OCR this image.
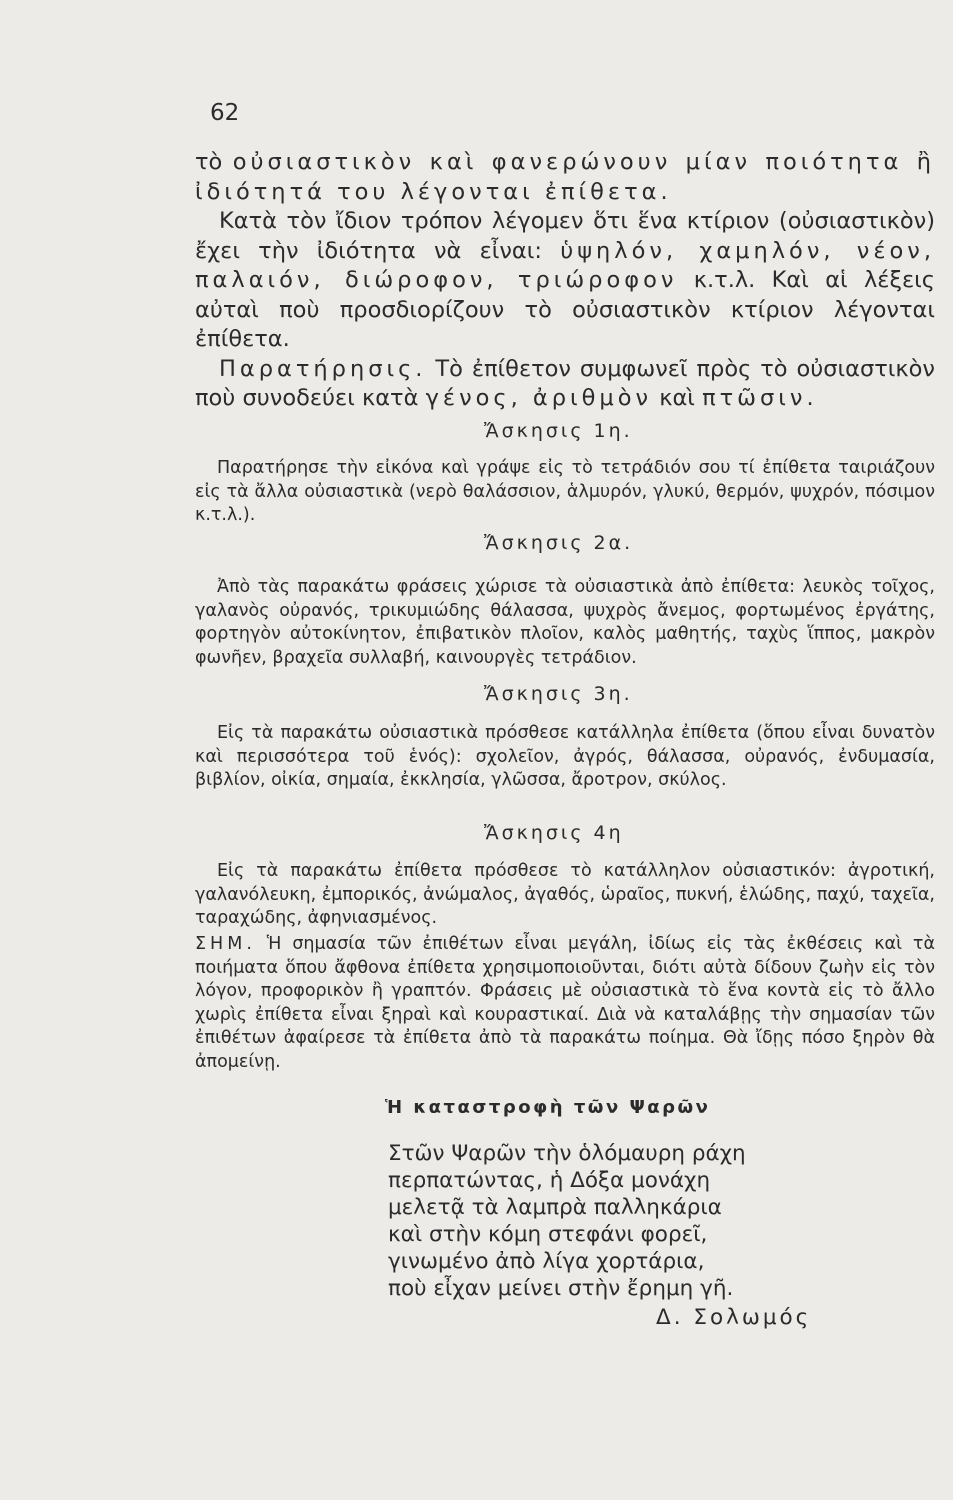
62

τὸ οὐσιαστικὸν καὶ φανερώνουν μίαν ποιότητα ἢ ἰδιότητά του λέγονται ἐπίθετα.

Κατὰ τὸν ἴδιον τρόπον λέγομεν ὅτι ἕνα κτίριον (οὐσιαστικὸν) ἔχει τὴν ἰδιότητα νὰ εἶναι: ὑψηλόν, χαμηλόν, νέον, παλαιόν, διώροφον, τριώροφον κ.τ.λ. Καὶ αἱ λέξεις αὐταὶ ποὺ προσδιορίζουν τὸ οὐσιαστικὸν κτίριον λέγονται ἐπίθετα.

Παρατήρησις. Τὸ ἐπίθετον συμφωνεῖ πρὸς τὸ οὐσιαστικὸν ποὺ συνοδεύει κατὰ γένος, ἀριθμὸν καὶ πτῶσιν.

Ἄσκησις 1η.

Παρατήρησε τὴν εἰκόνα καὶ γράψε εἰς τὸ τετράδιόν σου τί ἐπίθετα ταιριάζουν εἰς τὰ ἄλλα οὐσιαστικὰ (νερὸ θαλάσσιον, ἁλμυρόν, γλυκύ, θερμόν, ψυχρόν, πόσιμον κ.τ.λ.).

Ἄσκησις 2α.

Ἀπὸ τὰς παρακάτω φράσεις χώρισε τὰ οὐσιαστικὰ ἀπὸ ἐπίθετα: λευκὸς τοῖχος, γαλανὸς οὐρανός, τρικυμιώδης θάλασσα, ψυχρὸς ἄνεμος, φορτωμένος ἐργάτης, φορτηγὸν αὐτοκίνητον, ἐπιβατικὸν πλοῖον, καλὸς μαθητής, ταχὺς ἵππος, μακρὸν φωνῆεν, βραχεῖα συλλαβή, καινουργὲς τετράδιον.

Ἄσκησις 3η.

Εἰς τὰ παρακάτω οὐσιαστικὰ πρόσθεσε κατάλληλα ἐπίθετα (ὅπου εἶναι δυνατὸν καὶ περισσότερα τοῦ ἑνός): σχολεῖον, ἀγρός, θάλασσα, οὐρανός, ἐνδυμασία, βιβλίον, οἰκία, σημαία, ἐκκλησία, γλῶσσα, ἄροτρον, σκύλος.

Ἄσκησις 4η

Εἰς τὰ παρακάτω ἐπίθετα πρόσθεσε τὸ κατάλληλον οὐσιαστικόν: ἀγροτική, γαλανόλευκη, ἐμπορικός, ἀνώμαλος, ἀγαθός, ὡραῖος, πυκνή, ἑλώδης, παχύ, ταχεῖα, ταραχώδης, ἀφηνιασμένος.

ΣΗΜ. Ἡ σημασία τῶν ἐπιθέτων εἶναι μεγάλη, ἰδίως εἰς τὰς ἐκθέσεις καὶ τὰ ποιήματα ὅπου ἄφθονα ἐπίθετα χρησιμοποιοῦνται, διότι αὐτὰ δίδουν ζωὴν εἰς τὸν λόγον, προφορικὸν ἢ γραπτόν. Φράσεις μὲ οὐσιαστικὰ τὸ ἕνα κοντὰ εἰς τὸ ἄλλο χωρὶς ἐπίθετα εἶναι ξηραὶ καὶ κουραστικαί. Διὰ νὰ καταλάβῃς τὴν σημασίαν τῶν ἐπιθέτων ἀφαίρεσε τὰ ἐπίθετα ἀπὸ τὰ παρακάτω ποίημα. Θὰ ἴδῃς πόσο ξηρὸν θὰ ἀπομείνῃ.

Ἡ καταστροφὴ τῶν Ψαρῶν
Στῶν Ψαρῶν τὴν ὁλόμαυρη ράχη
περπατώντας, ἡ Δόξα μονάχη
μελετᾷ τὰ λαμπρὰ παλληκάρια
καὶ στὴν κόμη στεφάνι φορεῖ,
γινωμένο ἀπὸ λίγα χορτάρια,
ποὺ εἶχαν μείνει στὴν ἔρημη γῆ.
Δ. Σολωμός
